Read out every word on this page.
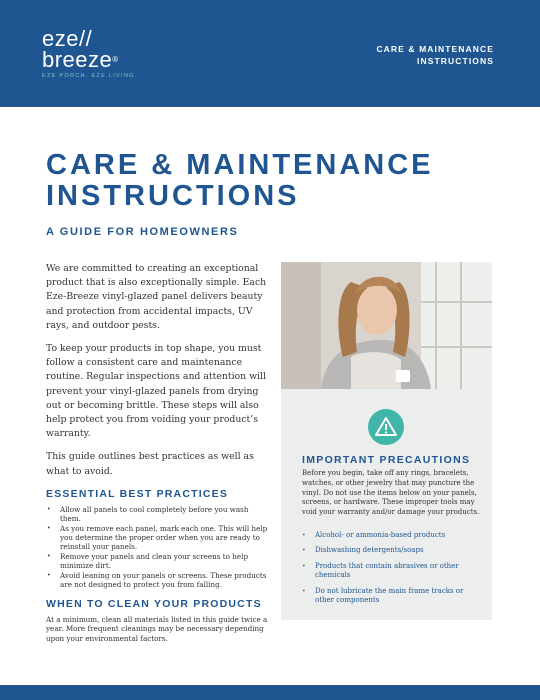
eze//
breeze®
EZE PORCH. EZE LIVING.
CARE & MAINTENANCE
INSTRUCTIONS
CARE & MAINTENANCE
INSTRUCTIONS
A GUIDE FOR HOMEOWNERS

We are committed to creating an exceptional product that is also exceptionally simple. Each Eze-Breeze vinyl-glazed panel delivers beauty and protection from accidental impacts, UV rays, and outdoor pests.

To keep your products in top shape, you must follow a consistent care and maintenance routine. Regular inspections and attention will prevent your vinyl-glazed panels from drying out or becoming brittle. These steps will also help protect you from voiding your product’s warranty.

This guide outlines best practices as well as what to avoid.

ESSENTIAL BEST PRACTICES
• Allow all panels to cool completely before you wash them.
• As you remove each panel, mark each one. This will help you determine the proper order when you are ready to reinstall your panels.
• Remove your panels and clean your screens to help minimize dirt.
• Avoid leaning on your panels or screens. These products are not designed to protect you from falling.
WHEN TO CLEAN YOUR PRODUCTS

At a minimum, clean all materials listed in this guide twice a year. More frequent cleanings may be necessary depending upon your environmental factors.

IMPORTANT PRECAUTIONS
Before you begin, take off any rings, bracelets, watches, or other jewelry that may puncture the vinyl. Do not use the items below on your panels, screens, or hardware. These improper tools may void your warranty and/or damage your products.
• Alcohol- or ammonia-based products
• Dishwashing detergents/soaps
• Products that contain abrasives or other chemicals
• Do not lubricate the main frame tracks or other components
